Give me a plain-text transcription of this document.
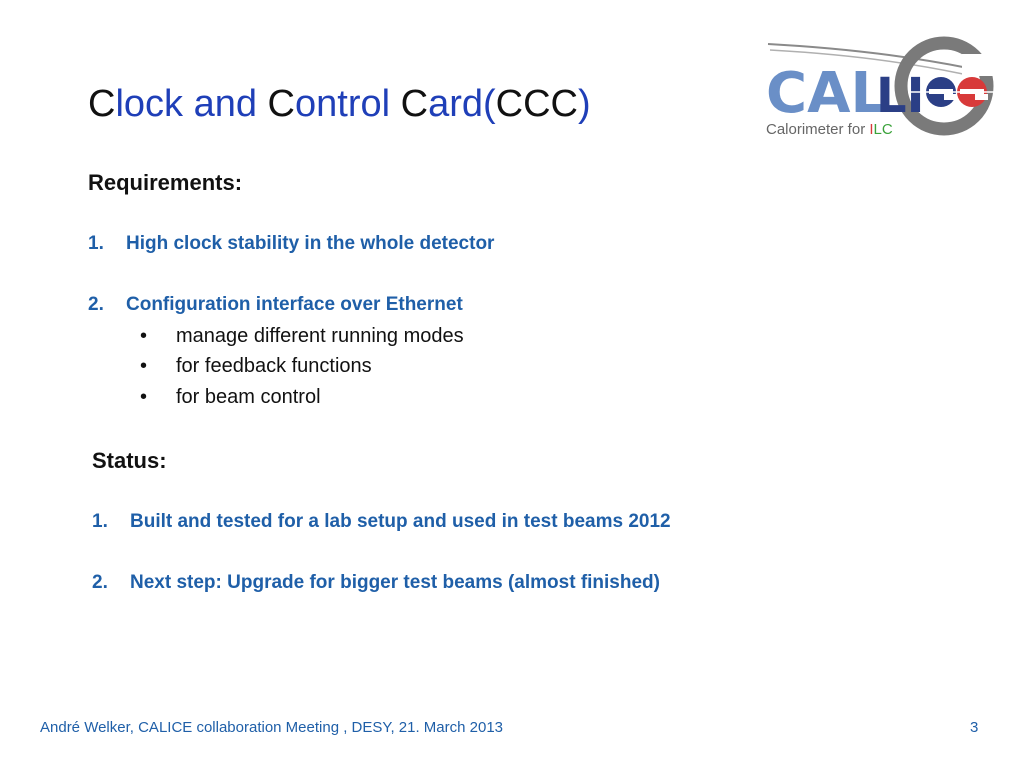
Clock and Control Card(CCC)	CAL
LI
Calorimeter for ILC
Requirements:
1. High clock stability in the whole detector
2. Configuration interface over Ethernet
• manage different running modes
• for feedback functions
• for beam control
Status:
1. Built and tested for a lab setup and used in test beams 2012
2. Next step: Upgrade for bigger test beams (almost finished)
André Welker, CALICE collaboration Meeting , DESY, 21. March 2013	3
